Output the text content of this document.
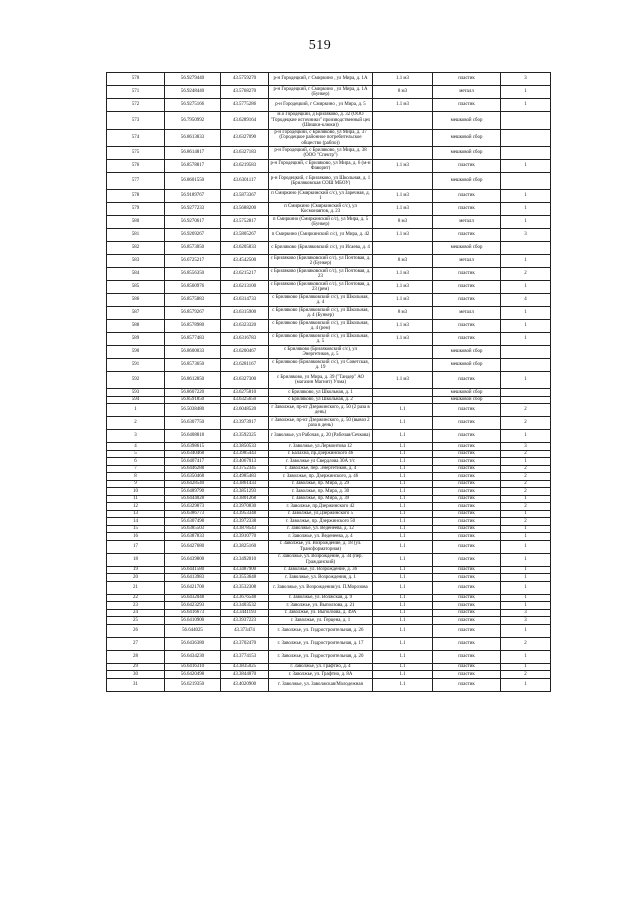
519
570	56.9279440	43.5759270	р-н Городецкий, г Смиркино , ул Мира, д. 1А	1.1 м3	пластик	3
571	56.9248440	43.5768270	р-н Городецкий, г Смиркино , ул Мира, д. 1А (Бункер)	8 м3	металл	1
572	56.9275166	43.5775286	р-н Городецкий, г Смиркино , ул Мира, д. 5	1.1 м3	пластик	1
573	56.7950992	43.6289164	м.о Городецкий, д Бриляково, д. 32 (ООО "Городецкие источники" производственный цех (Шишки-клюки))		мешковой сбор	
574	56.8613833	43.6327090	р-н Городецкий, с Бриляково, ул Мира, д. 37 (Городецкое районное потребительское общество (рабпо))		мешковой сбор	
575	56.8614817	43.6327183	р-н Городецкий, с Бриляково, ул Мира, д. 38 (ООО "Спектр")		мешковой сбор	
576	56.8578817	43.6219583	р-н Городецкий, с Бриляково, ул Мира, д. 6 (м-н Фаворит)	1.1 м3	пластик	1
577	56.8601550	43.6301117	р-н Городецкий, с Бриляково, ул Школьная, д. 1 (Бриляковская СОШ МБОУ)		мешковой сбор	
578	56.9189767	43.5873367	п Смиркино (Смиркинский с/с), ул Заречная, д. 1	1.1 м3	пластик	1
579	56.9277233	43.5688200	п Смиркино (Смиркинский с/с), ул Космонавтов, д. 23	1.1 м3	пластик	1
580	56.9270617	43.5752817	п Смиркино (Смиркинский с/с), ул Мира, д. 5 (Бункер)	8 м3	металл	1
581	56.9269267	43.5805267	п Смиркино (Смиркинский с/с), ул Мира, д. 42	1.1 м3	пластик	3
582	56.8573050	43.6205833	с Бриляково (Бриляковский с/с), ул Исаева, д. 4		мешковой сбор	
583	56.6725217	43.4542500	с Бриляково (Бриляковский с/с), ул Почтовая, д. 2 (Бункер)	8 м3	металл	1
584	56.8556350	43.6215217	с Бриляково (Бриляковский с/с), ул Почтовая, д. 23	1.1 м3	пластик	2
585	56.8560976	43.6213100	с Бриляково (Бриляковский с/с), ул Почтовая, д. 23 (рем)	1.1 м3	пластик	1
586	56.8575883	43.6314733	с Бриляково (Бриляковский с/с), ул Школьная, д. 4	1.1 м3	пластик	4
587	56.8579267	43.6315900	с Бриляково (Бриляковский с/с), ул Школьная, д. 4 (Бункер)	8 м3	металл	1
588	56.8578980	43.6323320	с Бриляково (Бриляковский с/с), ул Школьная, д. 4 (рем)	1.1 м3	пластик	1
589	56.8577483	43.6316783	с Бриляково (Бриляковский с/с), ул Школьная, д. 5	1.1 м3	пластик	1
590	56.8600033	43.6200467	с Бриляково (Бриляковский с/с), ул Энергетиков, д. 5		мешковой сбор	
591	56.8573650	43.6281167	с Бриляково (Бриляковский с/с), ул Советская, д. 19		мешковой сбор	
592	56.8612850	43.6327300	с Бриляково, ул Мира, д. 39 ("Тандер" АО (магазин Магнит) Учма)	1.1 м3	пластик	1
593	56.8607220	43.6275810	с Бриляково, ул Школьная, д. 1		мешковой сбор	
594	56.8591850	43.6325650	с Бриляково, ул Школьная, д. 2		мешковой сбор	
1	56.5038480	43.6048520	г Заволжье, пр-кт Дзержинского, д. 50 (2 раза в день)	1.1	пластик	2
2	56.6307750	43.3973917	г Заволжье, пр-кт Дзержинского, д. 50 (вывоз 2 раза в день)	1.1	пластик	2
3	56.6408818	43.3592325	г Заволжье, ул Рабочая, д. 20 (Рабочая/Сечкова)	1.1	пластик	1
4	56.6398615	43.3850533	г. Заволжье, ул.Лермонтова 12	1.1	пластик	3
5	56.6340468	43.3985443	г. Балахна, пр.Дзержинского 46	1.1	пластик	2
6	56.6407417	43.4067013	г. Заволжье ул Свердлова 30А т/с	1.1	пластик	1
7	56.6446288	43.3752345	г. Заволжье, пер. Энергетиков, д. 4	1.1	пластик	2
8	56.6350468	43.4985483	г. Заволжье, пр. Дзержинского, д. 46	1.1	пластик	2
9	56.6428540	43.3861433	г. Заволжье, пр. Мира, д. 29	1.1	пластик	2
10	56.6489790	43.3851293	г. Заволжье, пр. Мира, д. 30	1.1	пластик	2
11	56.6444028	43.3801268	г. Заволжье, пр. Мира, д. 39	1.1	пластик	1
12	56.6329873	43.3970830	г. Заволжье, пр.Дзержинского 42	1.1	пластик	2
13	56.6386773	43.3953348	г. Заволжье, ул.Дзержинского 5	1.1	пластик	1
14	56.6307498	43.3972338	г. Заволжье, пр. Дзержинского 50	1.1	пластик	2
15	56.6385503	43.3878543	г. Заволжье, ул. Веденеева, д. 12	1.1	пластик	1
16	56.6387833	43.3910770	г. Заволжье, ул. Веденеева, д. 4	1.1	пластик	1
17	56.6427680	43.3825160	г. Заволжье, ул. Возрождение, д. 18 (ул. Трансформаторная)	1.1	пластик	1
18	56.6439800	43.3492010	г. Заволжье, ул. Возрождение, д. 34 (пер. Гражданский)	1.1	пластик	1
19	56.6441580	43.3487900	г. Заволжье, ул. Возрождение, д. 36	1.1	пластик	1
20	56.6413983	43.3553648	г. Заволжье, ул. Возрождения, д. 1	1.1	пластик	1
21	56.6421700	43.3532308	г. Заволжье, ул. Возрождения/ул. П.Морозова	1.1	пластик	1
22	56.6432048	43.3676548	г. Заволжье, ул. Волжская, д. 9	1.1	пластик	1
23	56.6423293	43.3403532	г. Заволжье, ул. Выползова, д. 21	1.1	пластик	1
24	56.6416673	43.3441193	г. Заволжье, ул. Выползова, д. 49А	1.1	пластик	3
25	56.6410900	43.3937223	г. Заволжье, ул. Герцена, д. 1	1.1	пластик	3
26	56.644025	43.373474	г. Заволжье, ул. Гидростроительная, д. 26	1.1	пластик	1
27	56.6436380	43.3702470	г. Заволжье, ул. Гидростроительная, д. 17	1.1	пластик	2
28	56.6434230	43.3774153	г. Заволжье, ул. Гидростроительная, д. 20	1.1	пластик	1
29	56.6416310	43.3835025	г. Заволжье, ул. Графтио, д. 4	1.1	пластик	1
30	56.6420498	43.3844070	г. Заволжье, ул. Графтио, д. 8А	1.1	пластик	2
31	56.6219350	43.4020900	г. Заволжье, ул. Заволжская/Молодежная	1.1	пластик	1
